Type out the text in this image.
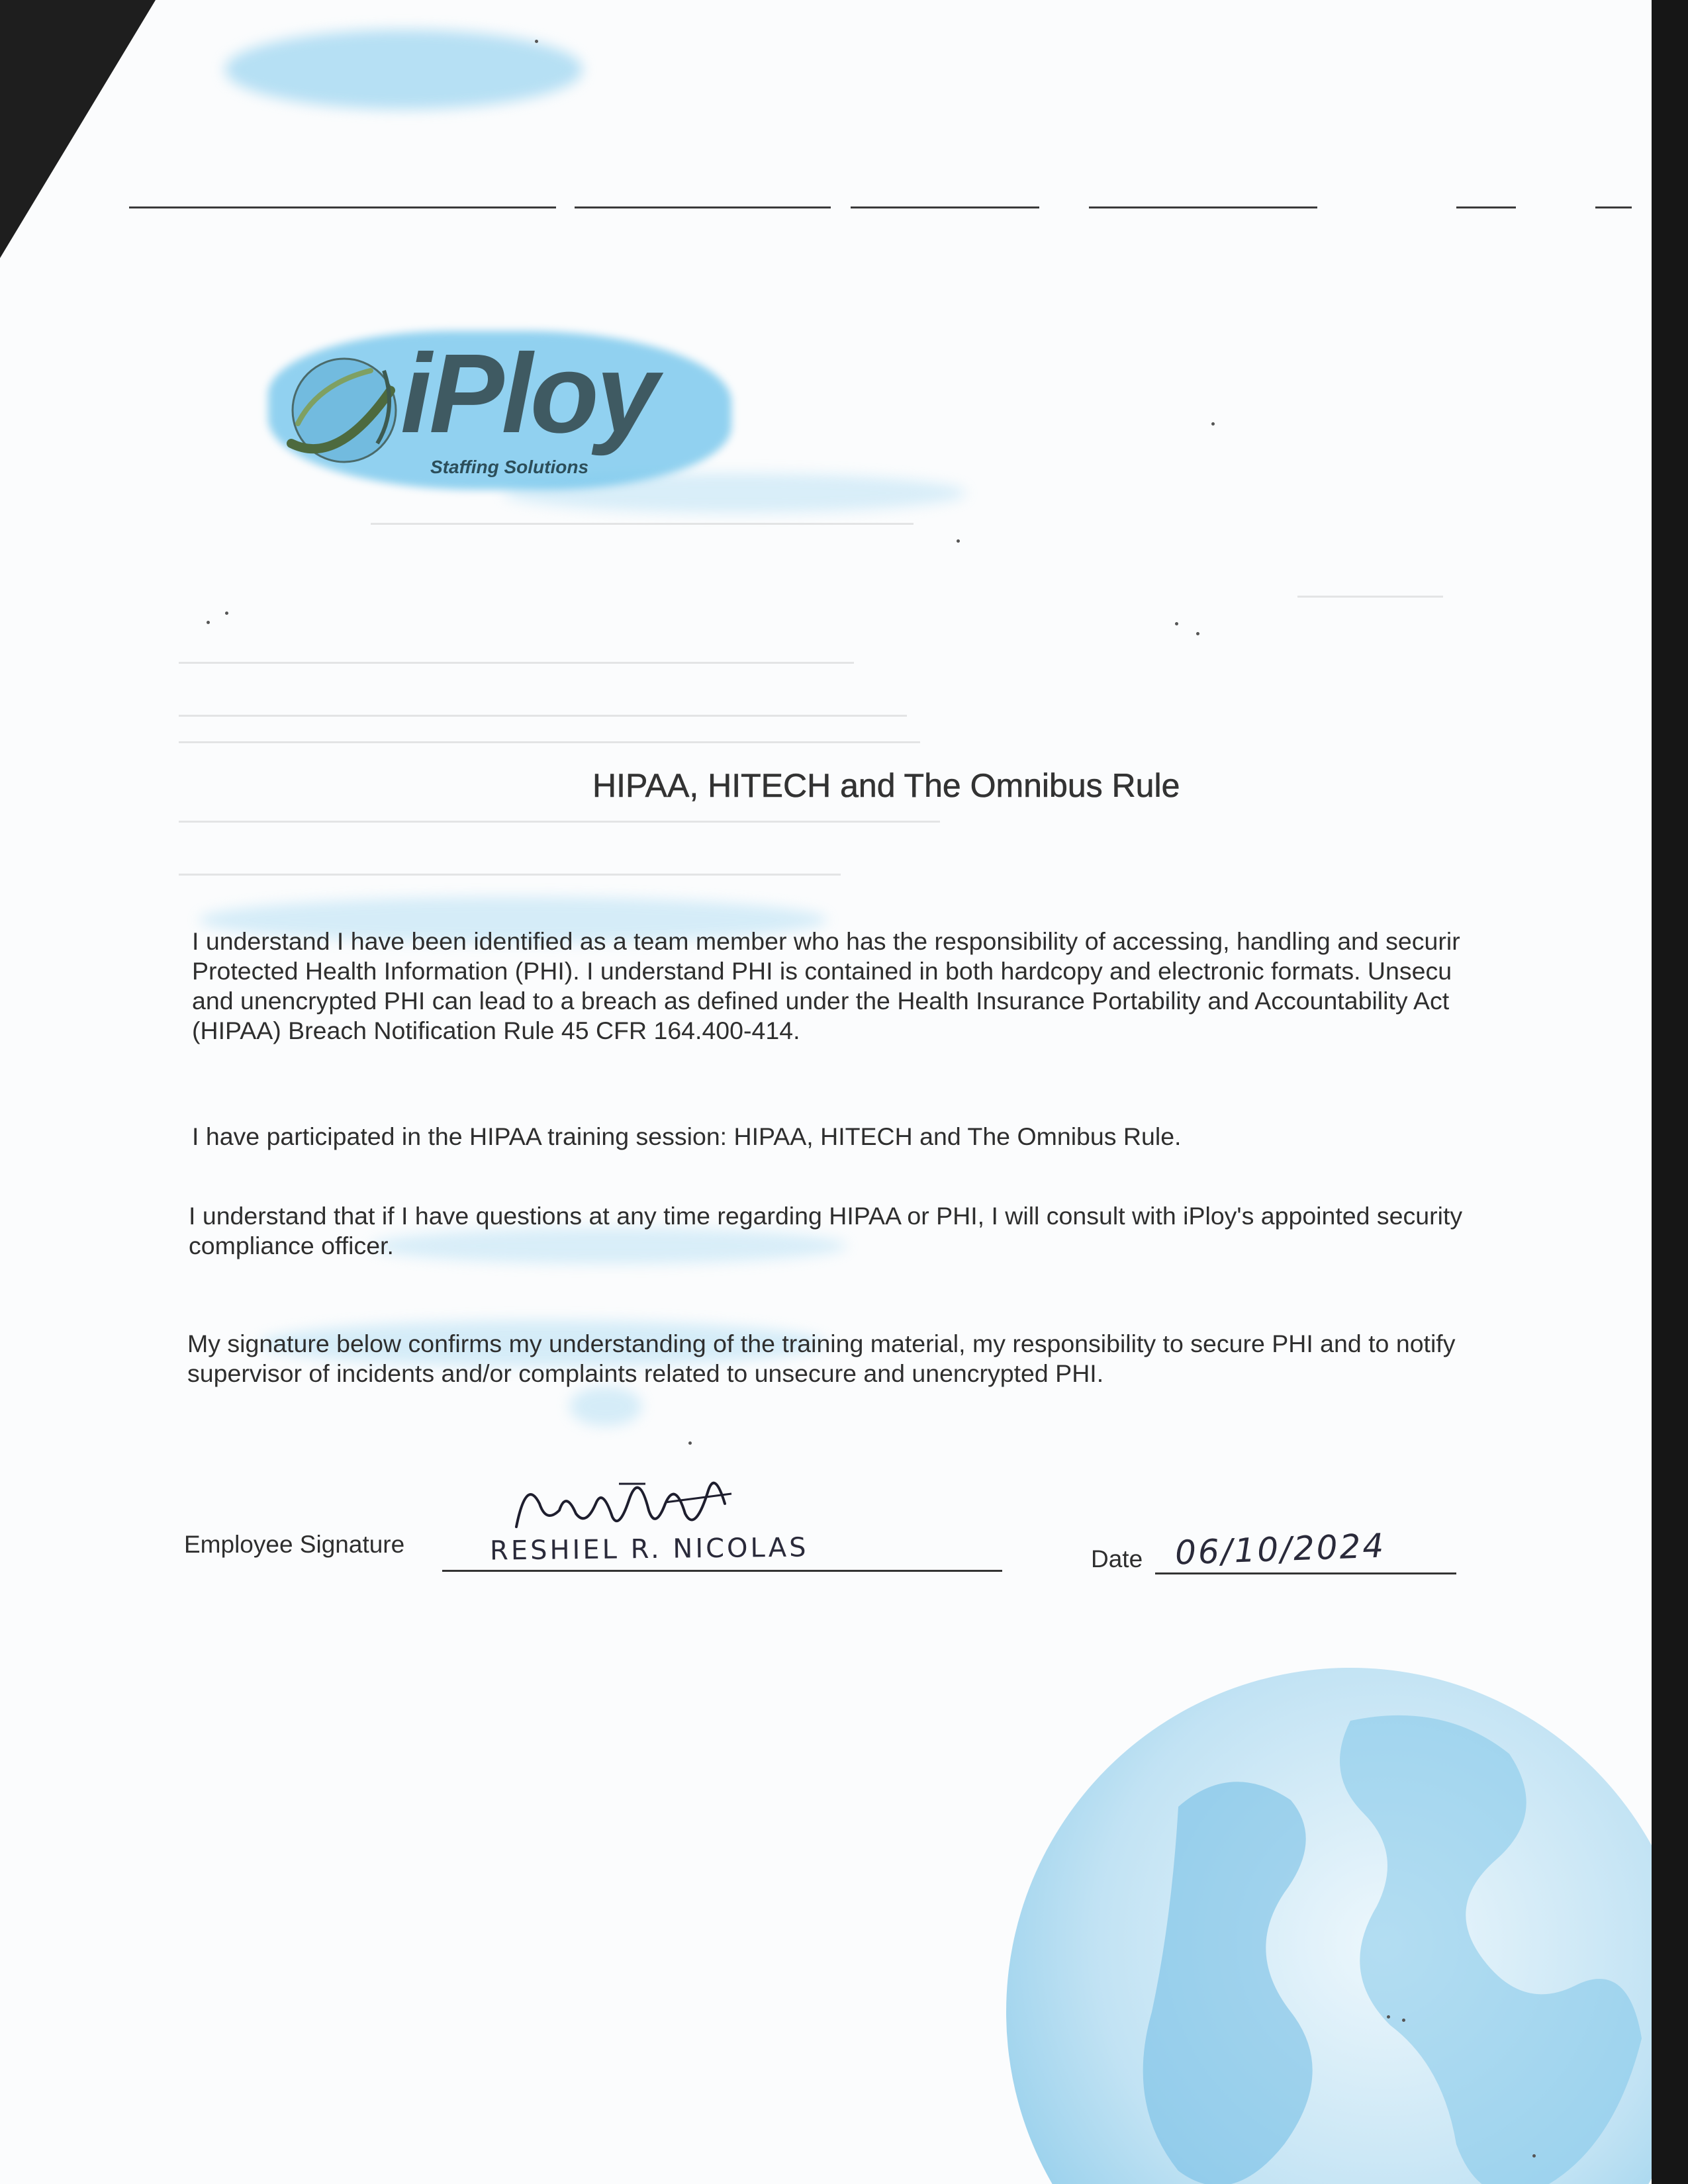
iPloy
Staffing Solutions
HIPAA, HITECH and The Omnibus Rule
I understand I have been identified as a team member who has the responsibility of accessing, handling and securir
Protected Health Information (PHI). I understand PHI is contained in both hardcopy and electronic formats. Unsecu
and unencrypted PHI can lead to a breach as defined under the Health Insurance Portability and Accountability Act
(HIPAA) Breach Notification Rule 45 CFR 164.400-414.
I have participated in the HIPAA training session: HIPAA, HITECH and The Omnibus Rule.
I understand that if I have questions at any time regarding HIPAA or PHI, I will consult with iPloy's appointed security
compliance officer.
My signature below confirms my understanding of the training material, my responsibility to secure PHI and to notify
supervisor of incidents and/or complaints related to unsecure and unencrypted PHI.
Employee Signature	RESHIEL R. NICOLAS	Date 06/10/2024
